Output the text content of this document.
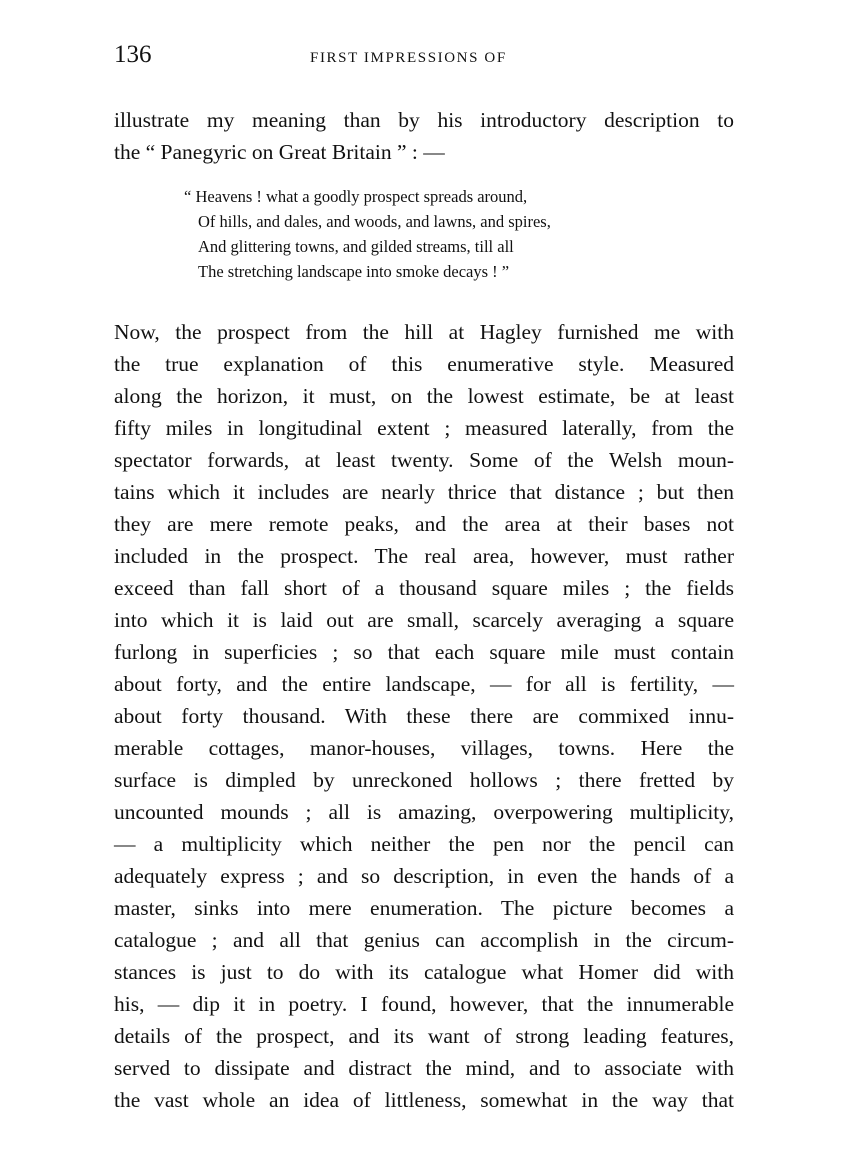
136	FIRST IMPRESSIONS OF
illustrate my meaning than by his introductory description to
the “ Panegyric on Great Britain ” : —
“ Heavens ! what a goodly prospect spreads around,
Of hills, and dales, and woods, and lawns, and spires,
And glittering towns, and gilded streams, till all
The stretching landscape into smoke decays ! ”
Now, the prospect from the hill at Hagley furnished me with
the true explanation of this enumerative style. Measured
along the horizon, it must, on the lowest estimate, be at least
fifty miles in longitudinal extent ; measured laterally, from the
spectator forwards, at least twenty. Some of the Welsh moun-
tains which it includes are nearly thrice that distance ; but then
they are mere remote peaks, and the area at their bases not
included in the prospect. The real area, however, must rather
exceed than fall short of a thousand square miles ; the fields
into which it is laid out are small, scarcely averaging a square
furlong in superficies ; so that each square mile must contain
about forty, and the entire landscape, — for all is fertility, —
about forty thousand. With these there are commixed innu-
merable cottages, manor-houses, villages, towns. Here the
surface is dimpled by unreckoned hollows ; there fretted by
uncounted mounds ; all is amazing, overpowering multiplicity,
— a multiplicity which neither the pen nor the pencil can
adequately express ; and so description, in even the hands of a
master, sinks into mere enumeration. The picture becomes a
catalogue ; and all that genius can accomplish in the circum-
stances is just to do with its catalogue what Homer did with
his, — dip it in poetry. I found, however, that the innumerable
details of the prospect, and its want of strong leading features,
served to dissipate and distract the mind, and to associate with
the vast whole an idea of littleness, somewhat in the way that
